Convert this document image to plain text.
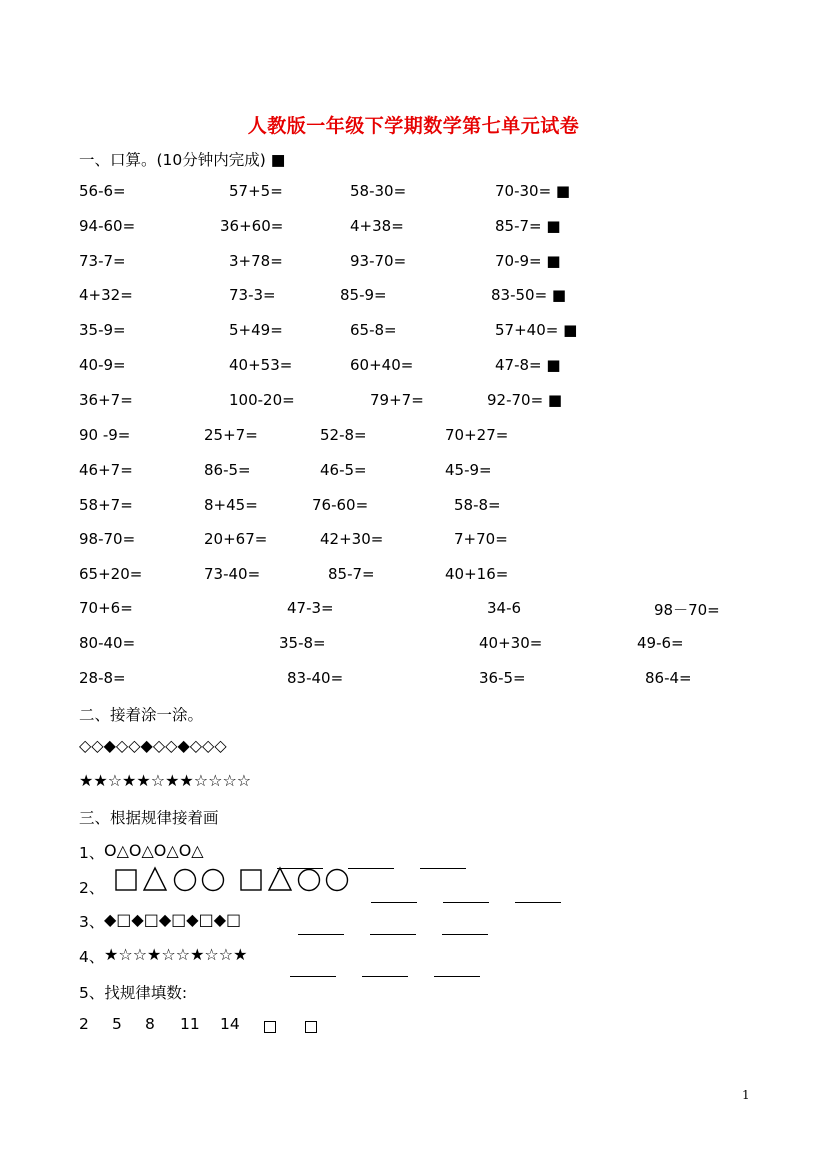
人教版一年级下学期数学第七单元试卷
一、口算。(10分钟内完成) ■
56-6=	57+5=	58-30=	70-30= ■
94-60=	36+60=	4+38=	85-7= ■
73-7=	3+78=	93-70=	70-9= ■
4+32=	73-3=	85-9=	83-50= ■
35-9=	5+49=	65-8=	57+40= ■
40-9=	40+53=	60+40=	47-8= ■
36+7=	100-20=	79+7=	92-70= ■
90 -9=	25+7=	52-8=	70+27=
46+7=	86-5=	46-5=	45-9=
58+7=	8+45=	76-60=	58-8=
98-70=	20+67=	42+30=	7+70=
65+20=	73-40=	85-7=	40+16=
70+6=	47-3=	34-6	98－70=
80-40=	35-8=	40+30=	49-6=
28-8=	83-40=	36-5=	86-4=
二、接着涂一涂。
◇◇◆◇◇◆◇◇◆◇◇◇
★★☆★★☆★★☆☆☆☆
三、根据规律接着画
1、 O△O△O△O△
2、
3、 ◆□◆□◆□◆□◆□
4、 ★☆☆★☆☆★☆☆★
5、找规律填数:
2 5 8 11 14
1
